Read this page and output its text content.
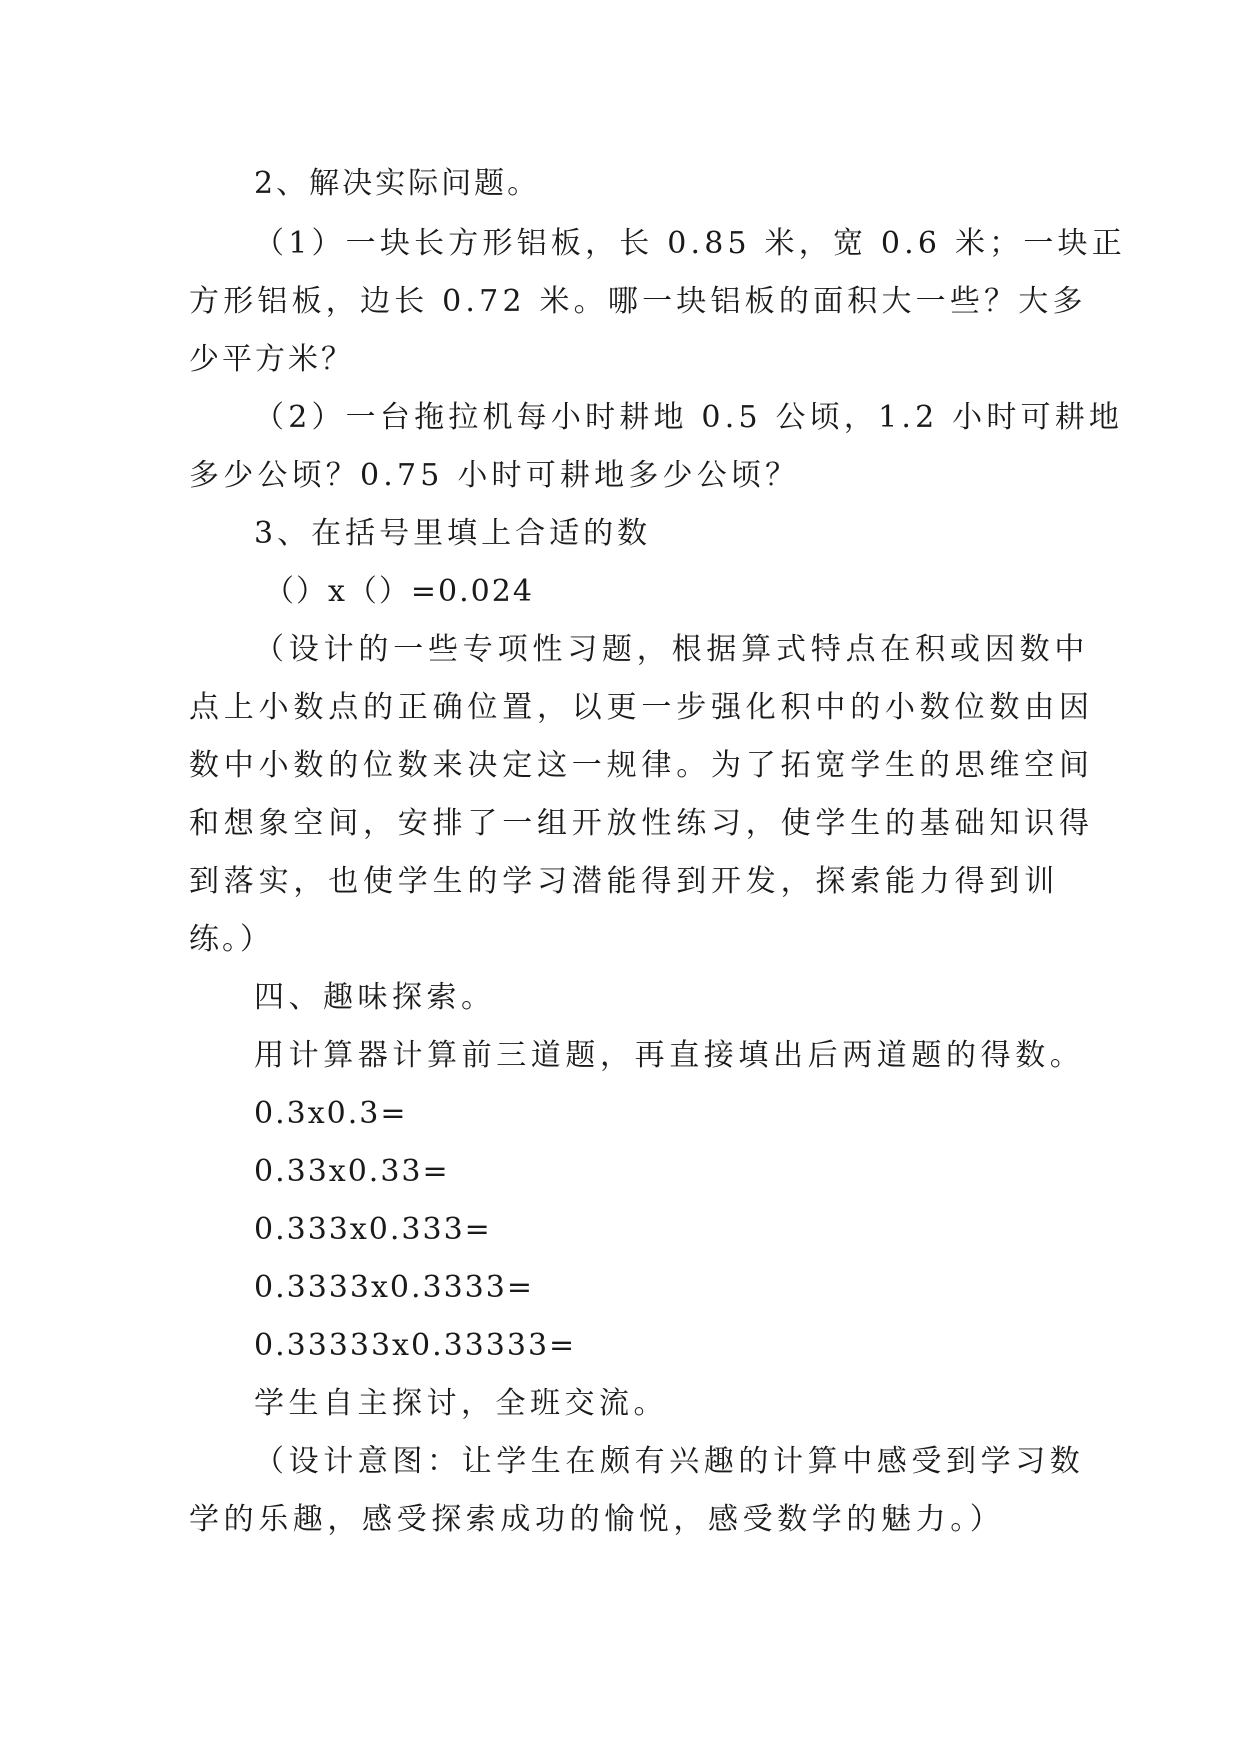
2、解决实际问题。
（1）一块长方形铝板，长 0.85 米，宽 0.6 米；一块正
方形铝板，边长 0.72 米。哪一块铝板的面积大一些？大多
少平方米？
（2）一台拖拉机每小时耕地 0.5 公顷，1.2 小时可耕地
多少公顷？0.75 小时可耕地多少公顷？
3、在括号里填上合适的数
（）x（）=0.024
（设计的一些专项性习题，根据算式特点在积或因数中
点上小数点的正确位置，以更一步强化积中的小数位数由因
数中小数的位数来决定这一规律。为了拓宽学生的思维空间
和想象空间，安排了一组开放性练习，使学生的基础知识得
到落实，也使学生的学习潜能得到开发，探索能力得到训
练。）
四、趣味探索。
用计算器计算前三道题，再直接填出后两道题的得数。
0.3x0.3=
0.33x0.33=
0.333x0.333=
0.3333x0.3333=
0.33333x0.33333=
学生自主探讨，全班交流。
（设计意图：让学生在颇有兴趣的计算中感受到学习数
学的乐趣，感受探索成功的愉悦，感受数学的魅力。）
